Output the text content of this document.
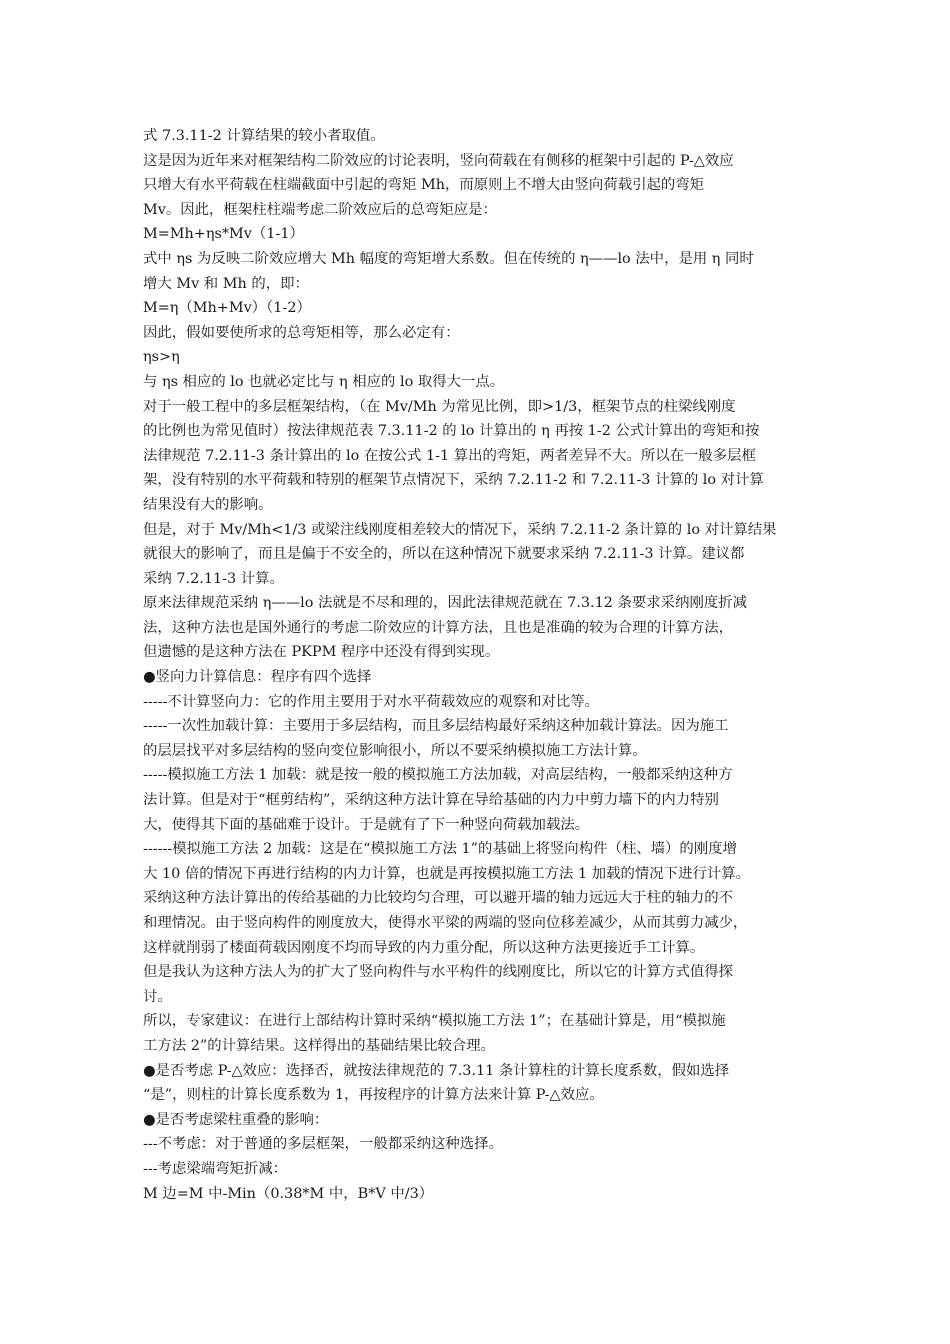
式 7.3.11-2 计算结果的较小者取值。
这是因为近年来对框架结构二阶效应的讨论表明，竖向荷载在有侧移的框架中引起的 P-△效应
只增大有水平荷载在柱端截面中引起的弯矩 Mh，而原则上不增大由竖向荷载引起的弯矩
Mv。因此，框架柱柱端考虑二阶效应后的总弯矩应是：
M=Mh+ηs*Mv（1-1）
式中 ηs 为反映二阶效应增大 Mh 幅度的弯矩增大系数。但在传统的 η——lo 法中，是用 η 同时
增大 Mv 和 Mh 的，即：
M=η（Mh+Mv）（1-2）
因此，假如要使所求的总弯矩相等，那么必定有：
ηs>η
与 ηs 相应的 lo 也就必定比与 η 相应的 lo 取得大一点。
对于一般工程中的多层框架结构，（在 Mv/Mh 为常见比例，即>1/3，框架节点的柱梁线刚度
的比例也为常见值时）按法律规范表 7.3.11-2 的 lo 计算出的 η 再按 1-2 公式计算出的弯矩和按
法律规范 7.2.11-3 条计算出的 lo 在按公式 1-1 算出的弯矩，两者差异不大。所以在一般多层框
架，没有特别的水平荷载和特别的框架节点情况下，采纳 7.2.11-2 和 7.2.11-3 计算的 lo 对计算
结果没有大的影响。
但是，对于 Mv/Mh<1/3 或梁注线刚度相差较大的情况下，采纳 7.2.11-2 条计算的 lo 对计算结果
就很大的影响了，而且是偏于不安全的，所以在这种情况下就要求采纳 7.2.11-3 计算。建议都
采纳 7.2.11-3 计算。
原来法律规范采纳 η——lo 法就是不尽和理的，因此法律规范就在 7.3.12 条要求采纳刚度折减
法，这种方法也是国外通行的考虑二阶效应的计算方法，且也是准确的较为合理的计算方法，
但遗憾的是这种方法在 PKPM 程序中还没有得到实现。
●竖向力计算信息：程序有四个选择
-----不计算竖向力：它的作用主要用于对水平荷载效应的观察和对比等。
-----一次性加载计算：主要用于多层结构，而且多层结构最好采纳这种加载计算法。因为施工
的层层找平对多层结构的竖向变位影响很小，所以不要采纳模拟施工方法计算。
-----模拟施工方法 1 加载：就是按一般的模拟施工方法加载，对高层结构，一般都采纳这种方
法计算。但是对于“框剪结构”，采纳这种方法计算在导给基础的内力中剪力墙下的内力特别
大，使得其下面的基础难于设计。于是就有了下一种竖向荷载加载法。
------模拟施工方法 2 加载：这是在“模拟施工方法 1”的基础上将竖向构件（柱、墙）的刚度增
大 10 倍的情况下再进行结构的内力计算，也就是再按模拟施工方法 1 加载的情况下进行计算。
采纳这种方法计算出的传给基础的力比较均匀合理，可以避开墙的轴力远远大于柱的轴力的不
和理情况。由于竖向构件的刚度放大，使得水平梁的两端的竖向位移差减少，从而其剪力减少，
这样就削弱了楼面荷载因刚度不均而导致的内力重分配，所以这种方法更接近手工计算。
但是我认为这种方法人为的扩大了竖向构件与水平构件的线刚度比，所以它的计算方式值得探
讨。
所以，专家建议：在进行上部结构计算时采纳“模拟施工方法 1”；在基础计算是，用“模拟施
工方法 2”的计算结果。这样得出的基础结果比较合理。
●是否考虑 P-△效应：选择否，就按法律规范的 7.3.11 条计算柱的计算长度系数，假如选择
“是”，则柱的计算长度系数为 1，再按程序的计算方法来计算 P-△效应。
●是否考虑梁柱重叠的影响：
---不考虑：对于普通的多层框架，一般都采纳这种选择。
---考虑梁端弯矩折减：
M 边=M 中-Min（0.38*M 中，B*V 中/3）
